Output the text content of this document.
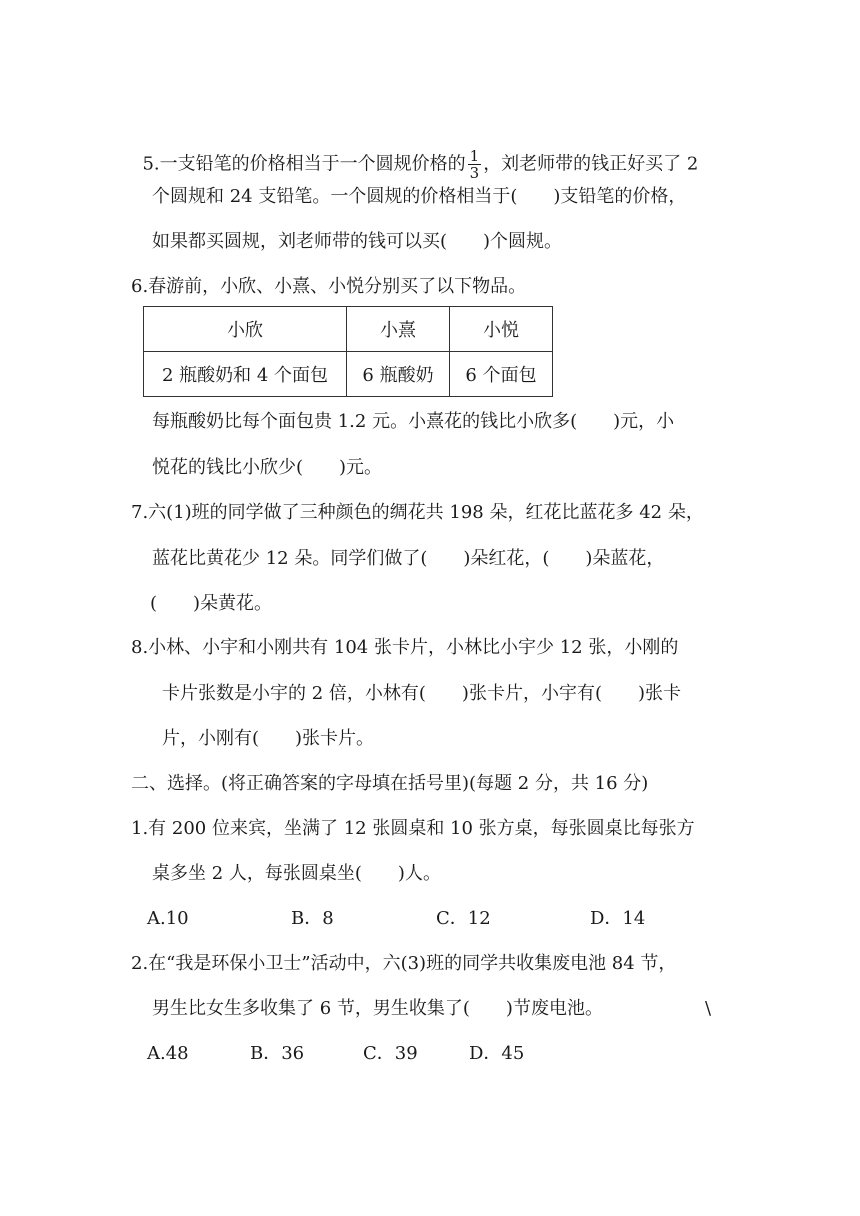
5.一支铅笔的价格相当于一个圆规价格的 $\frac{1}{3}$ ，刘老师带的钱正好买了 2

个圆规和 24 支铅笔。一个圆规的价格相当于(　　)支铅笔的价格，
如果都买圆规，刘老师带的钱可以买(　　)个圆规。
6.春游前，小欣、小熹、小悦分别买了以下物品。
小欣	小熹	小悦
2 瓶酸奶和 4 个面包	6 瓶酸奶	6 个面包
每瓶酸奶比每个面包贵 1.2 元。小熹花的钱比小欣多(　　)元，小
悦花的钱比小欣少(　　)元。
7.六(1)班的同学做了三种颜色的绸花共 198 朵，红花比蓝花多 42 朵，
蓝花比黄花少 12 朵。同学们做了(　　)朵红花，(　　)朵蓝花，
(　　)朵黄花。
8.小林、小宇和小刚共有 104 张卡片，小林比小宇少 12 张，小刚的
卡片张数是小宇的 2 倍，小林有(　　)张卡片，小宇有(　　)张卡
片，小刚有(　　)张卡片。
二、选择。(将正确答案的字母填在括号里)(每题 2 分，共 16 分)
1.有 200 位来宾，坐满了 12 张圆桌和 10 张方桌，每张圆桌比每张方
桌多坐 2 人，每张圆桌坐(　　)人。
A.10	B．8	C．12	D．14
2.在“我是环保小卫士”活动中，六(3)班的同学共收集废电池 84 节，
男生比女生多收集了 6 节，男生收集了(　　)节废电池。	\
A.48	B．36	C．39	D．45
